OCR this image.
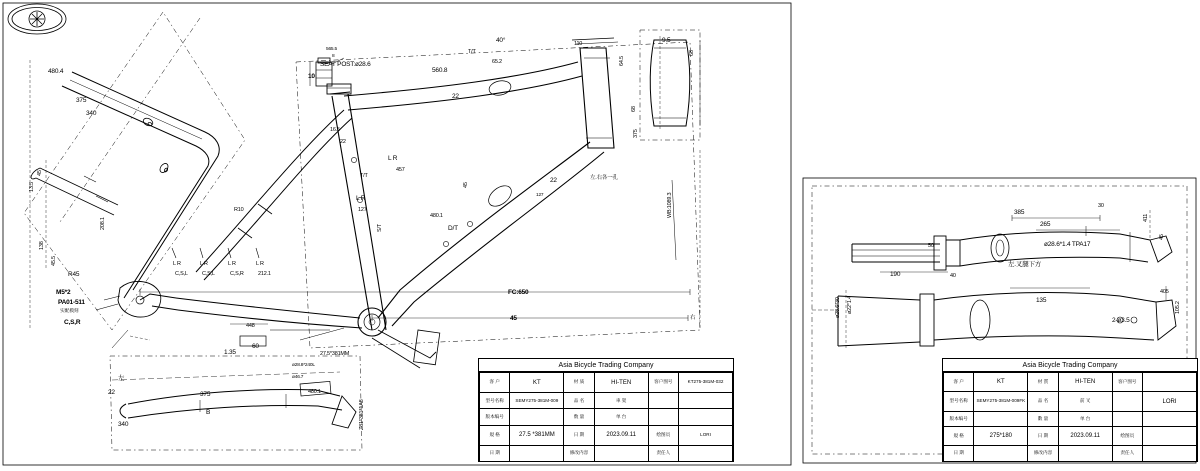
480.4
375
340
45
13.5
138
45.5
208.1
R45
R10
M5*2
PA01-511
C,S,R
实配模刻
L R
C,S,L
L R
C,S,L
L R
C,S,R
L R
212.1
1.35
60
27.5*381MM
ø28.8*240L
SEAT POST:ø28.6
10
8
565.5
560.8
22
T/T
40°
65.2
16.5
22
T/T
L R
457
S/T
L R
127
45
480.1
D/T
22	左.右各一孔
127
110
64.5
68
375
WB:1089.3
FC:650
45	右
左
340
375
B
22	480.1
Z81*381*1A8
ø46.7
448
9.5
68
385
265
411
45
ø28.6*1.4 TPA17
左.叉腿下方
190	40
ø28.6*30 ø22*1.4	135
2-ø3.5
405
105.2
50
30
Asia Bicycle Trading Company
客 户	KT	材 质	HI-TEN	客户图号	KT275-381M-032
型号名称	SEMY275-381M-009	品 名	車 架		
版本编号		数 量	单 台		
規 格	27.5 *381MM	日 期	2023.09.11	绘图员	LORI
日 期		修改内容		责任人	
Asia Bicycle Trading Company
客 户	KT	材 質	HI-TEN	客户图号	
型号名称	SEMY275-381M-009FK	品 名	前 叉		LORI
版本编号		數 量	单 台		
規 格	275*180	日 期	2023.09.11	绘图员	
日 期		修改内容		责任人	
